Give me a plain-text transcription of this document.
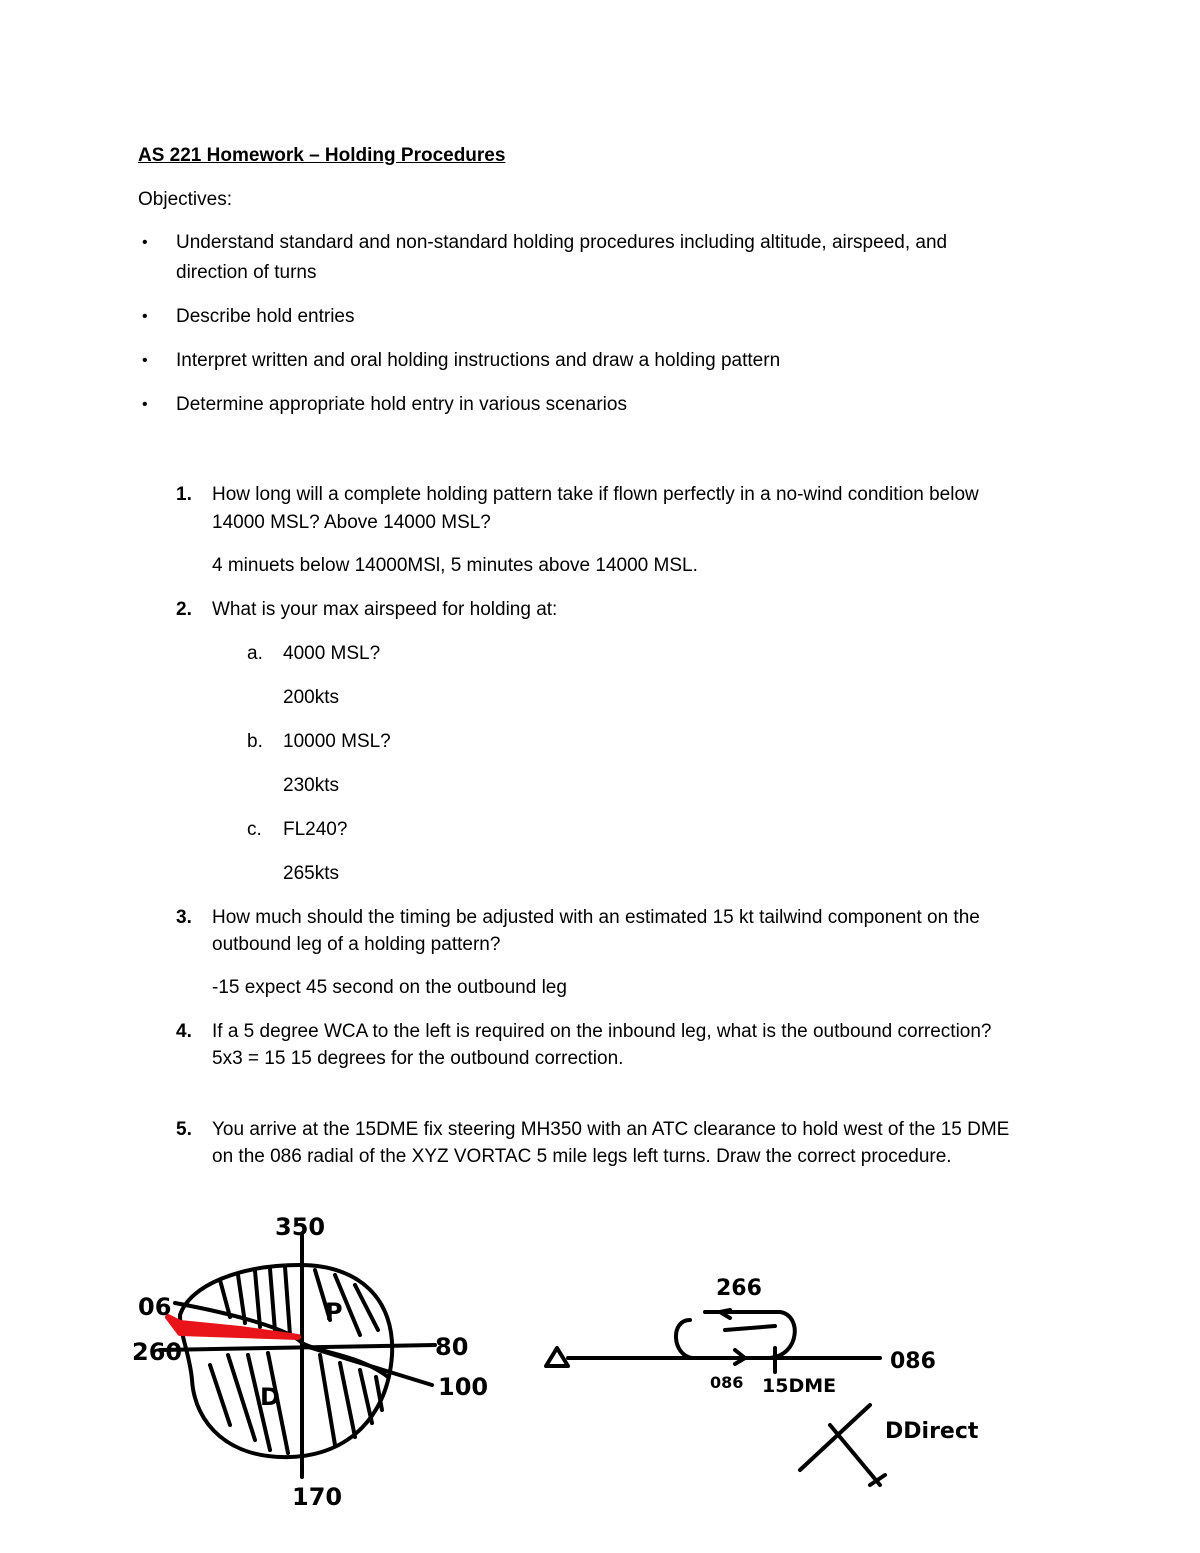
AS 221 Homework – Holding Procedures
Objectives:
• Understand standard and non-standard holding procedures including altitude, airspeed, and
direction of turns
• Describe hold entries
• Interpret written and oral holding instructions and draw a holding pattern
• Determine appropriate hold entry in various scenarios
1. How long will a complete holding pattern take if flown perfectly in a no-wind condition below
14000 MSL? Above 14000 MSL?
4 minuets below 14000MSl, 5 minutes above 14000 MSL.
2. What is your max airspeed for holding at:
a. 4000 MSL?
200kts
b. 10000 MSL?
230kts
c. FL240?
265kts
3. How much should the timing be adjusted with an estimated 15 kt tailwind component on the
outbound leg of a holding pattern?
-15 expect 45 second on the outbound leg
4. If a 5 degree WCA to the left is required on the inbound leg, what is the outbound correction?
5x3 = 15 15 degrees for the outbound correction.
5. You arrive at the 15DME fix steering MH350 with an ATC clearance to hold west of the 15 DME
on the 086 radial of the XYZ VORTAC 5 mile legs left turns. Draw the correct procedure.
350
170
80
100
06
260
P
D
266
086
086 15DME
DDirect
